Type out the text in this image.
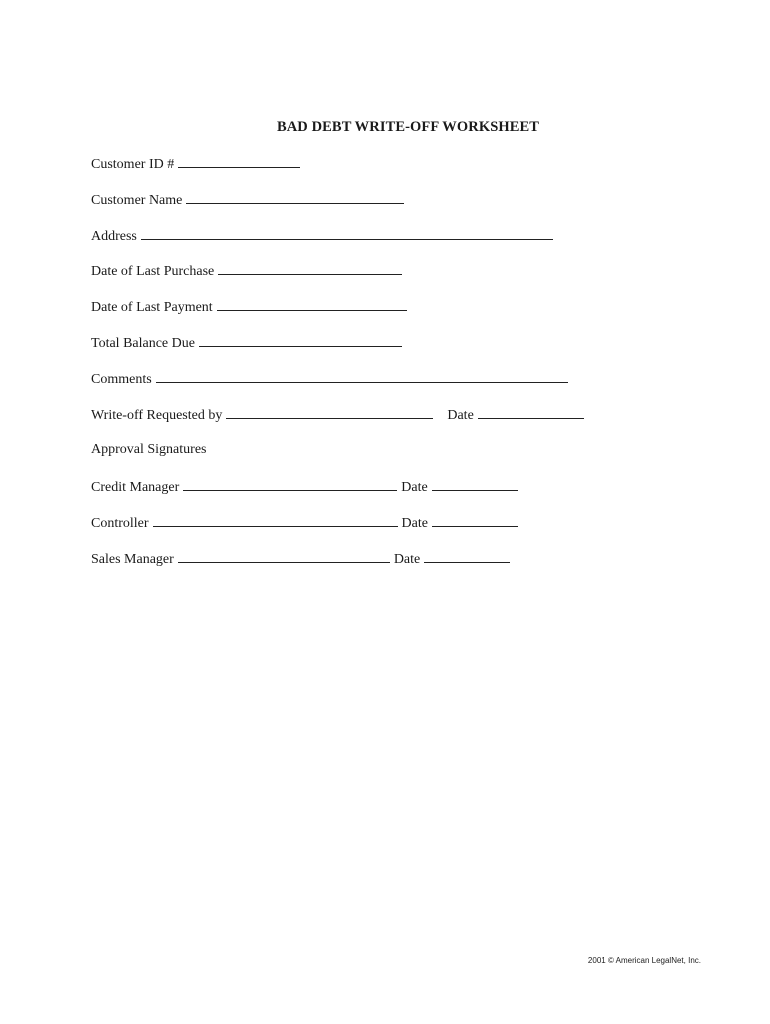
BAD DEBT WRITE-OFF WORKSHEET
Customer ID #
Customer Name
Address
Date of Last Purchase
Date of Last Payment
Total Balance Due
Comments
Write-off Requested by	Date
Approval Signatures
Credit Manager	Date
Controller	Date
Sales Manager	Date
2001 © American LegalNet, Inc.
